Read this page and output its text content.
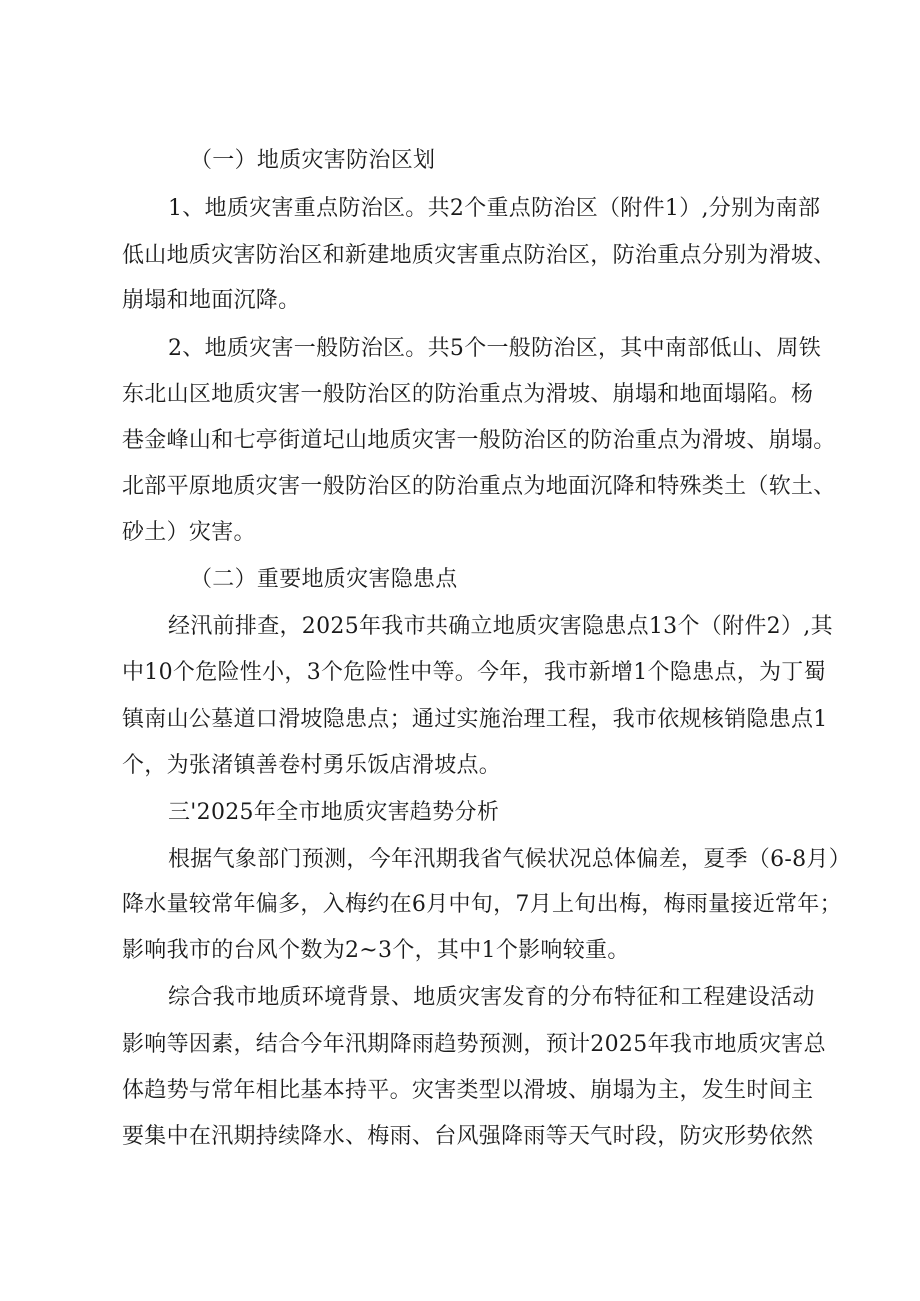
（一）地质灾害防治区划
1、地质灾害重点防治区。共2个重点防治区（附件1）,分别为南部
低山地质灾害防治区和新建地质灾害重点防治区，防治重点分别为滑坡、
崩塌和地面沉降。
2、地质灾害一般防治区。共5个一般防治区，其中南部低山、周铁
东北山区地质灾害一般防治区的防治重点为滑坡、崩塌和地面塌陷。杨
巷金峰山和七亭街道圮山地质灾害一般防治区的防治重点为滑坡、崩塌。
北部平原地质灾害一般防治区的防治重点为地面沉降和特殊类土（软土、
砂土）灾害。
（二）重要地质灾害隐患点
经汛前排查，2025年我市共确立地质灾害隐患点13个（附件2）,其
中10个危险性小，3个危险性中等。今年，我市新增1个隐患点，为丁蜀
镇南山公墓道口滑坡隐患点；通过实施治理工程，我市依规核销隐患点1
个，为张渚镇善卷村勇乐饭店滑坡点。
三'2025年全市地质灾害趋势分析
根据气象部门预测，今年汛期我省气候状况总体偏差，夏季（6-8月）
降水量较常年偏多，入梅约在6月中旬，7月上旬出梅，梅雨量接近常年；
影响我市的台风个数为2~3个，其中1个影响较重。
综合我市地质环境背景、地质灾害发育的分布特征和工程建设活动
影响等因素，结合今年汛期降雨趋势预测，预计2025年我市地质灾害总
体趋势与常年相比基本持平。灾害类型以滑坡、崩塌为主，发生时间主
要集中在汛期持续降水、梅雨、台风强降雨等天气时段，防灾形势依然
